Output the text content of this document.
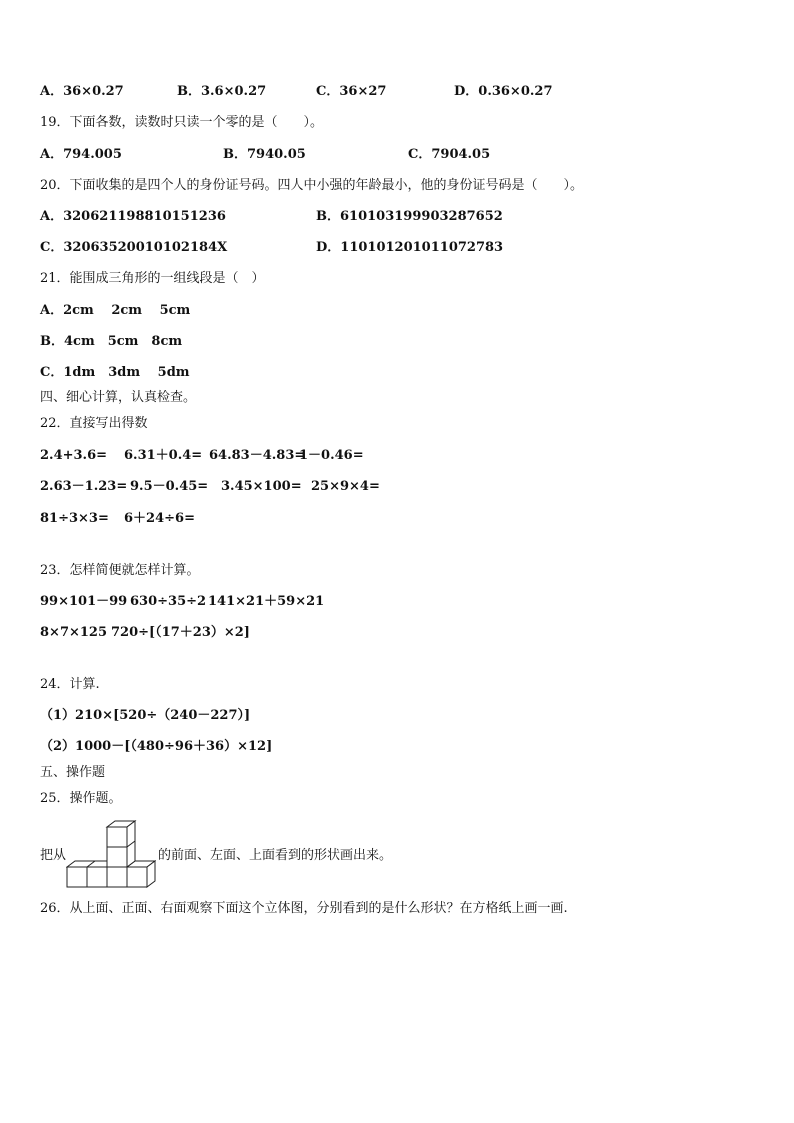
A．36×0.27	B．3.6×0.27	C．36×27	D．0.36×0.27
19．下面各数，读数时只读一个零的是（　　）。
A．794.005	B．7940.05	C．7904.05
20．下面收集的是四个人的身份证号码。四人中小强的年龄最小，他的身份证号码是（　　）。
A．320621198810151236	B．610103199903287652
C．32063520010102184X	D．110101201011072783
21．能围成三角形的一组线段是（　）
A．2cm　 2cm　 5cm
B．4cm　5cm　8cm
C．1dm　3dm　 5dm
四、细心计算，认真检查。
22．直接写出得数
2.4+3.6= 6.31＋0.4= 64.83－4.83=
1－0.46=
2.63－1.23= 9.5－0.45= 3.45×100= 25×9×4=
81÷3×3= 6＋24÷6=
23．怎样简便就怎样计算。
99×101－99 630÷35÷2 141×21＋59×21
8×7×125 720÷[（17＋23）×2]
24．计算.
（1）210×[520÷（240－227）]
（2）1000－[（480÷96＋36）×12]
五、操作题
25．操作题。
把从	的前面、左面、上面看到的形状画出来。
26．从上面、正面、右面观察下面这个立体图，分别看到的是什么形状？在方格纸上画一画.
